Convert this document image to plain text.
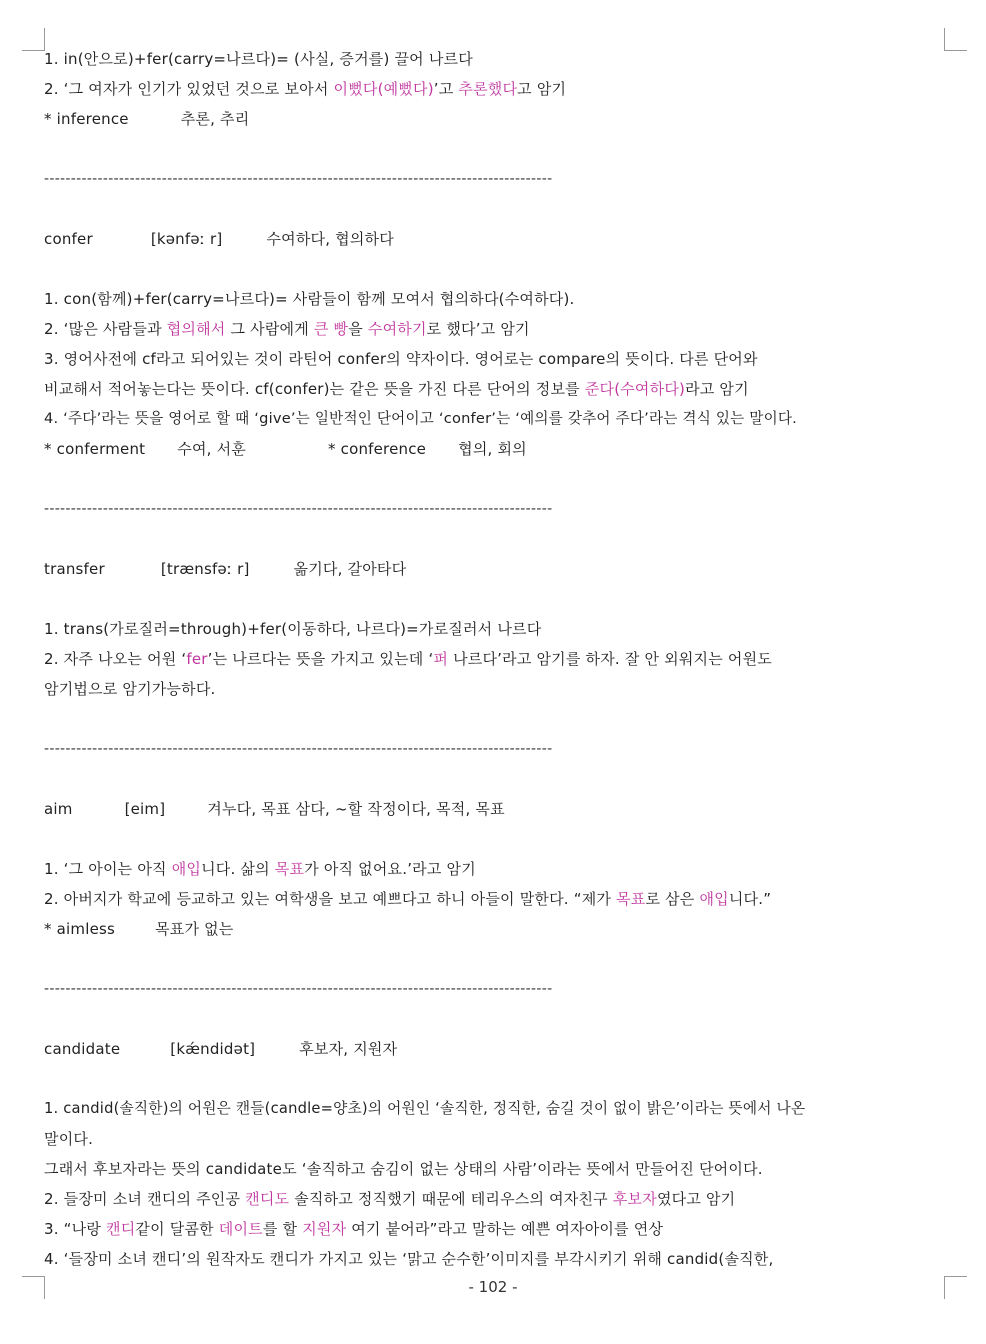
1. in(안으로)+fer(carry=나르다)= (사실, 증거를) 끌어 나르다
2. ‘그 여자가 인기가 있었던 것으로 보아서 이뻤다(예뻤다)’고 추론했다고 암기
* inference	추론, 추리
-----------------------------------------------------------------------------------------------
confer	[kənfəː r]	수여하다, 협의하다
1. con(함께)+fer(carry=나르다)= 사람들이 함께 모여서 협의하다(수여하다).
2. ‘많은 사람들과 협의해서 그 사람에게 큰 빵을 수여하기로 했다’고 암기
3. 영어사전에 cf라고 되어있는 것이 라틴어 confer의 약자이다. 영어로는 compare의 뜻이다. 다른 단어와
비교해서 적어놓는다는 뜻이다. cf(confer)는 같은 뜻을 가진 다른 단어의 정보를 준다(수여하다)라고 암기
4. ‘주다’라는 뜻을 영어로 할 때 ‘give’는 일반적인 단어이고 ‘confer’는 ‘예의를 갖추어 주다’라는 격식 있는 말이다.
* conferment 수여, 서훈	* conference 협의, 회의
-----------------------------------------------------------------------------------------------
transfer	[trænsfəː r]	옮기다, 갈아타다
1. trans(가로질러=through)+fer(이동하다, 나르다)=가로질러서 나르다
2. 자주 나오는 어원 ‘fer’는 나르다는 뜻을 가지고 있는데 ‘퍼 나르다’라고 암기를 하자. 잘 안 외워지는 어원도
암기법으로 암기가능하다.
-----------------------------------------------------------------------------------------------
aim	[eim]	겨누다, 목표 삼다, ~할 작정이다, 목적, 목표
1. ‘그 아이는 아직 애입니다. 삶의 목표가 아직 없어요.’라고 암기
2. 아버지가 학교에 등교하고 있는 여학생을 보고 예쁘다고 하니 아들이 말한다. “제가 목표로 삼은 애입니다.”
* aimless	목표가 없는
-----------------------------------------------------------------------------------------------
candidate	[kǽndidət]	후보자, 지원자
1. candid(솔직한)의 어원은 캔들(candle=양초)의 어원인 ‘솔직한, 정직한, 숨길 것이 없이 밝은’이라는 뜻에서 나온
말이다.
그래서 후보자라는 뜻의 candidate도 ‘솔직하고 숨김이 없는 상태의 사람’이라는 뜻에서 만들어진 단어이다.
2. 들장미 소녀 캔디의 주인공 캔디도 솔직하고 정직했기 때문에 테리우스의 여자친구 후보자였다고 암기
3. “나랑 캔디같이 달콤한 데이트를 할 지원자 여기 붙어라”라고 말하는 예쁜 여자아이를 연상
4. ‘들장미 소녀 캔디’의 원작자도 캔디가 가지고 있는 ‘맑고 순수한’이미지를 부각시키기 위해 candid(솔직한,
- 102 -
